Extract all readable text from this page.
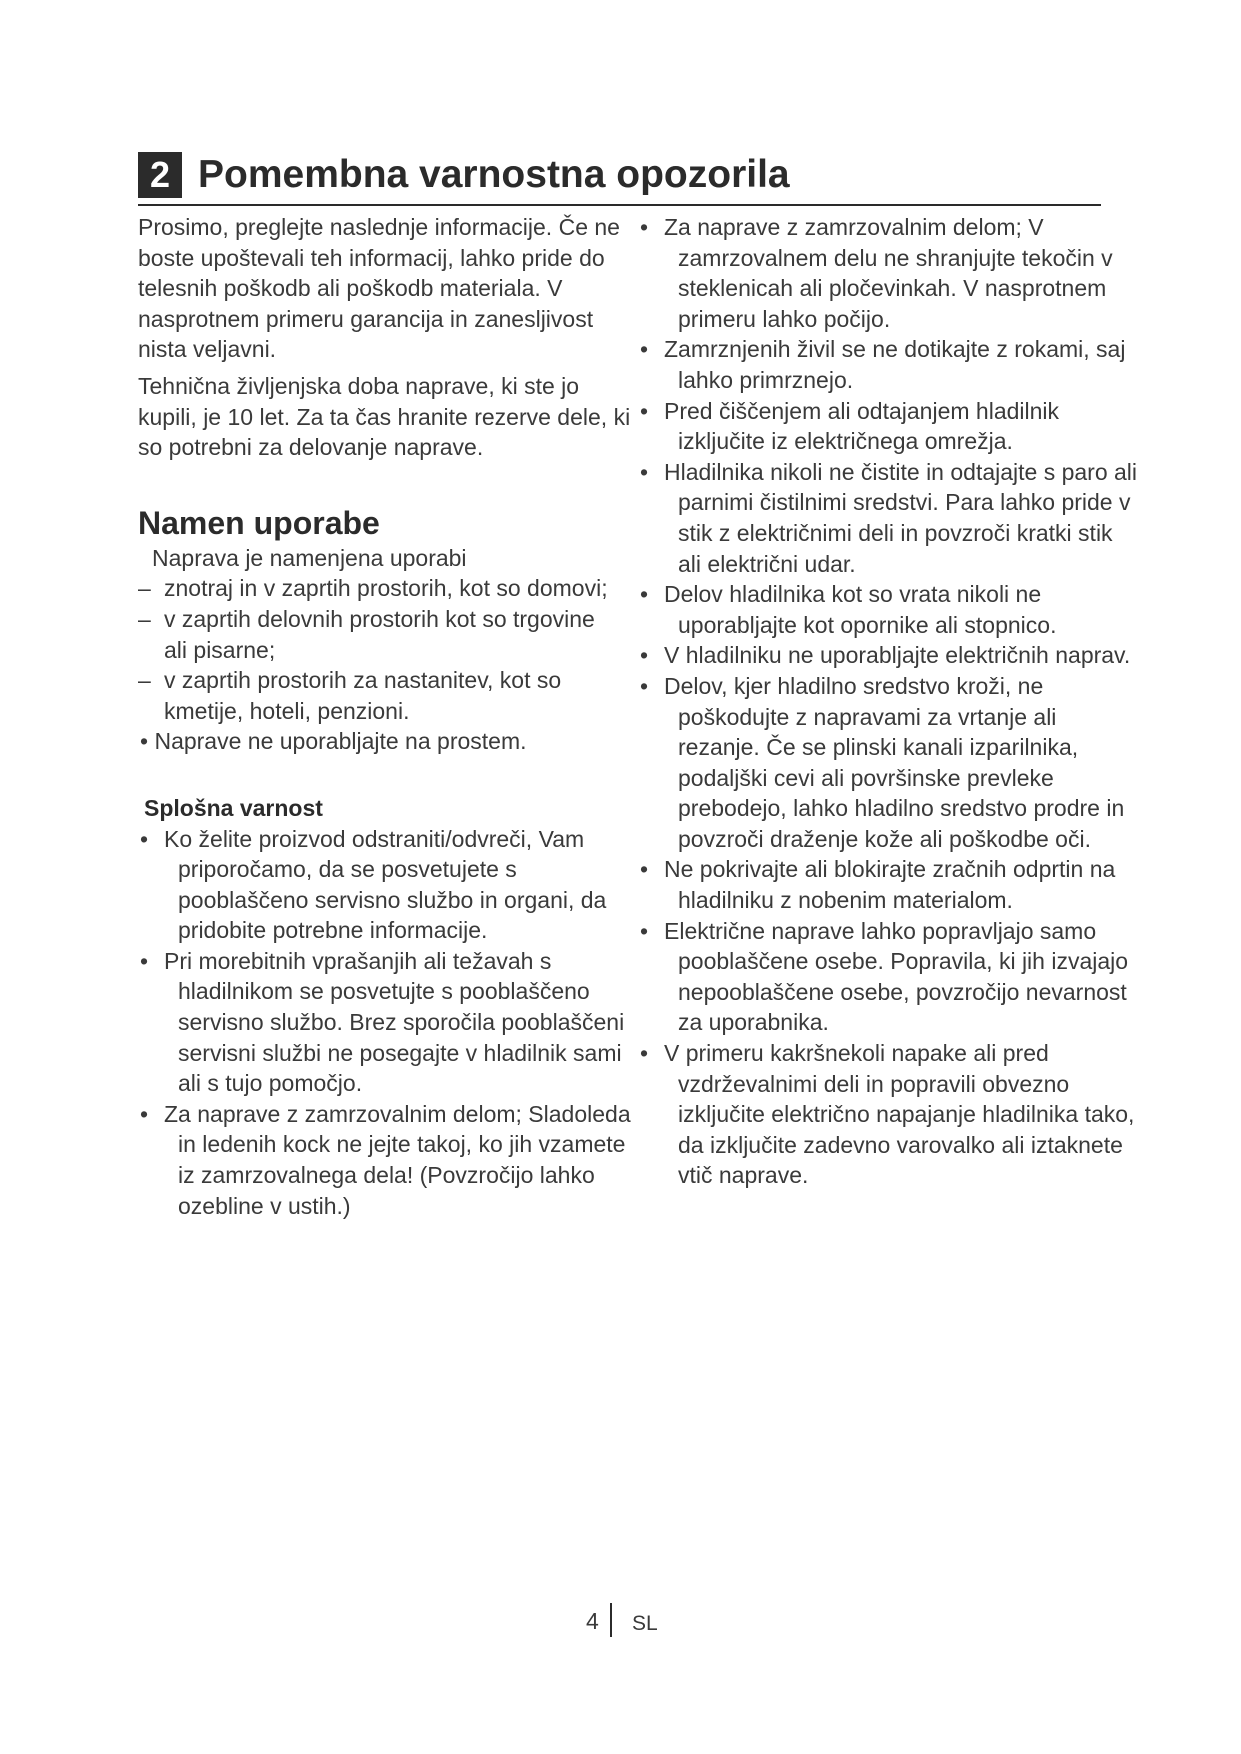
2 Pomembna varnostna opozorila

Prosimo, preglejte naslednje informacije. Če ne boste upoštevali teh informacij, lahko pride do telesnih poškodb ali poškodb materiala. V nasprotnem primeru garancija in zanesljivost nista veljavni.

Tehnična življenjska doba naprave, ki ste jo kupili, je 10 let. Za ta čas hranite rezerve dele, ki so potrebni za delovanje naprave.

Namen uporabe

Naprava je namenjena uporabi

– znotraj in v zaprtih prostorih, kot so domovi;
– v zaprtih delovnih prostorih kot so trgovine ali pisarne;
– v zaprtih prostorih za nastanitev, kot so kmetije, hoteli, penzioni.

• Naprave ne uporabljajte na prostem.

Splošna varnost
• Ko želite proizvod odstraniti/odvreči, Vam priporočamo, da se posvetujete s pooblaščeno servisno službo in organi, da pridobite potrebne informacije.
• Pri morebitnih vprašanjih ali težavah s hladilnikom se posvetujte s pooblaščeno servisno službo. Brez sporočila pooblaščeni servisni službi ne posegajte v hladilnik sami ali s tujo pomočjo.
• Za naprave z zamrzovalnim delom; Sladoleda in ledenih kock ne jejte takoj, ko jih vzamete iz zamrzovalnega dela! (Povzročijo lahko ozebline v ustih.)
• Za naprave z zamrzovalnim delom; V zamrzovalnem delu ne shranjujte tekočin v steklenicah ali pločevinkah. V nasprotnem primeru lahko počijo.
• Zamrznjenih živil se ne dotikajte z rokami, saj lahko primrznejo.
• Pred čiščenjem ali odtajanjem hladilnik izključite iz električnega omrežja.
• Hladilnika nikoli ne čistite in odtajajte s paro ali parnimi čistilnimi sredstvi. Para lahko pride v stik z električnimi deli in povzroči kratki stik ali električni udar.
• Delov hladilnika kot so vrata nikoli ne uporabljajte kot opornike ali stopnico.
• V hladilniku ne uporabljajte električnih naprav.
• Delov, kjer hladilno sredstvo kroži, ne poškodujte z napravami za vrtanje ali rezanje. Če se plinski kanali izparilnika, podaljški cevi ali površinske prevleke prebodejo, lahko hladilno sredstvo prodre in povzroči draženje kože ali poškodbe oči.
• Ne pokrivajte ali blokirajte zračnih odprtin na hladilniku z nobenim materialom.
• Električne naprave lahko popravljajo samo pooblaščene osebe. Popravila, ki jih izvajajo nepooblaščene osebe, povzročijo nevarnost za uporabnika.
• V primeru kakršnekoli napake ali pred vzdrževalnimi deli in popravili obvezno izključite električno napajanje hladilnika tako, da izključite zadevno varovalko ali iztaknete vtič naprave.
4 SL
